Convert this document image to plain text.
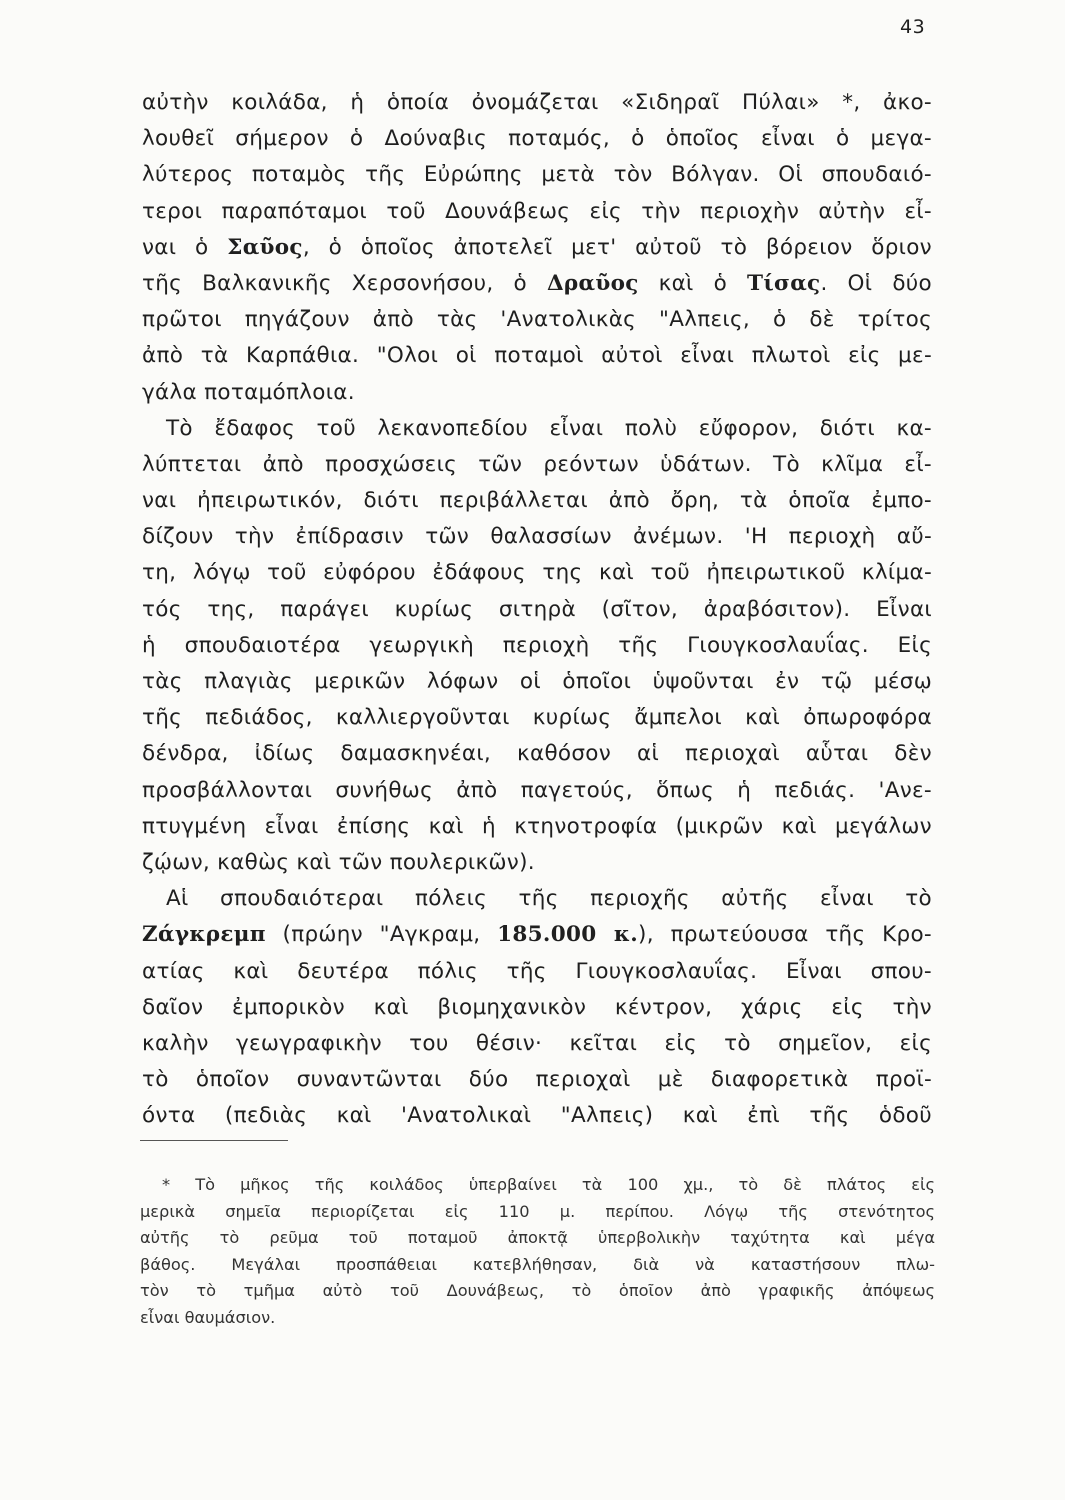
43
αὐτὴν κοιλάδα, ἡ ὁποία ὀνομάζεται «Σιδηραῖ Πύλαι» *, ἀκο-
λουθεῖ σήμερον ὁ Δούναβις ποταμός, ὁ ὁποῖος εἶναι ὁ μεγα-
λύτερος ποταμὸς τῆς Εὐρώπης μετὰ τὸν Βόλγαν. Οἱ σπουδαιό-
τεροι παραπόταμοι τοῦ Δουνάβεως εἰς τὴν περιοχὴν αὐτὴν εἶ-
ναι ὁ Σαῦος, ὁ ὁποῖος ἀποτελεῖ μετ' αὐτοῦ τὸ βόρειον ὅριον
τῆς Βαλκανικῆς Χερσονήσου, ὁ Δραῦος καὶ ὁ Τίσας. Οἱ δύο
πρῶτοι πηγάζουν ἀπὸ τὰς 'Ανατολικὰς "Αλπεις, ὁ δὲ τρίτος
ἀπὸ τὰ Καρπάθια. "Ολοι οἱ ποταμοὶ αὐτοὶ εἶναι πλωτοὶ εἰς με-
γάλα ποταμόπλοια.
Τὸ ἔδαφος τοῦ λεκανοπεδίου εἶναι πολὺ εὔφορον, διότι κα-
λύπτεται ἀπὸ προσχώσεις τῶν ρεόντων ὑδάτων. Τὸ κλῖμα εἶ-
ναι ἠπειρωτικόν, διότι περιβάλλεται ἀπὸ ὄρη, τὰ ὁποῖα ἐμπο-
δίζουν τὴν ἐπίδρασιν τῶν θαλασσίων ἀνέμων. 'Η περιοχὴ αὔ-
τη, λόγῳ τοῦ εὐφόρου ἐδάφους της καὶ τοῦ ἠπειρωτικοῦ κλίμα-
τός της, παράγει κυρίως σιτηρὰ (σῖτον, ἀραβόσιτον). Εἶναι
ἡ σπουδαιοτέρα γεωργικὴ περιοχὴ τῆς Γιουγκοσλαυΐας. Εἰς
τὰς πλαγιὰς μερικῶν λόφων οἱ ὁποῖοι ὑψοῦνται ἐν τῷ μέσῳ
τῆς πεδιάδος, καλλιεργοῦνται κυρίως ἄμπελοι καὶ ὀπωροφόρα
δένδρα, ἰδίως δαμασκηνέαι, καθόσον αἱ περιοχαὶ αὗται δὲν
προσβάλλονται συνήθως ἀπὸ παγετούς, ὅπως ἡ πεδιάς. 'Ανε-
πτυγμένη εἶναι ἐπίσης καὶ ἡ κτηνοτροφία (μικρῶν καὶ μεγάλων
ζῴων, καθὼς καὶ τῶν πουλερικῶν).
Αἱ σπουδαιότεραι πόλεις τῆς περιοχῆς αὐτῆς εἶναι τὸ
Ζάγκρεμπ (πρώην "Αγκραμ, 185.000 κ.), πρωτεύουσα τῆς Κρο-
ατίας καὶ δευτέρα πόλις τῆς Γιουγκοσλαυΐας. Εἶναι σπου-
δαῖον ἐμπορικὸν καὶ βιομηχανικὸν κέντρον, χάρις εἰς τὴν
καλὴν γεωγραφικὴν του θέσιν· κεῖται εἰς τὸ σημεῖον, εἰς
τὸ ὁποῖον συναντῶνται δύο περιοχαὶ μὲ διαφορετικὰ προϊ-
όντα (πεδιὰς καὶ 'Ανατολικαὶ "Αλπεις) καὶ ἐπὶ τῆς ὁδοῦ
* Τὸ μῆκος τῆς κοιλάδος ὑπερβαίνει τὰ 100 χμ., τὸ δὲ πλάτος εἰς
μερικὰ σημεῖα περιορίζεται εἰς 110 μ. περίπου. Λόγῳ τῆς στενότητος
αὐτῆς τὸ ρεῦμα τοῦ ποταμοῦ ἀποκτᾷ ὑπερβολικὴν ταχύτητα καὶ μέγα
βάθος. Μεγάλαι προσπάθειαι κατεβλήθησαν, διὰ νὰ καταστήσουν πλω-
τὸν τὸ τμῆμα αὐτὸ τοῦ Δουνάβεως, τὸ ὁποῖον ἀπὸ γραφικῆς ἀπόψεως
εἶναι θαυμάσιον.
